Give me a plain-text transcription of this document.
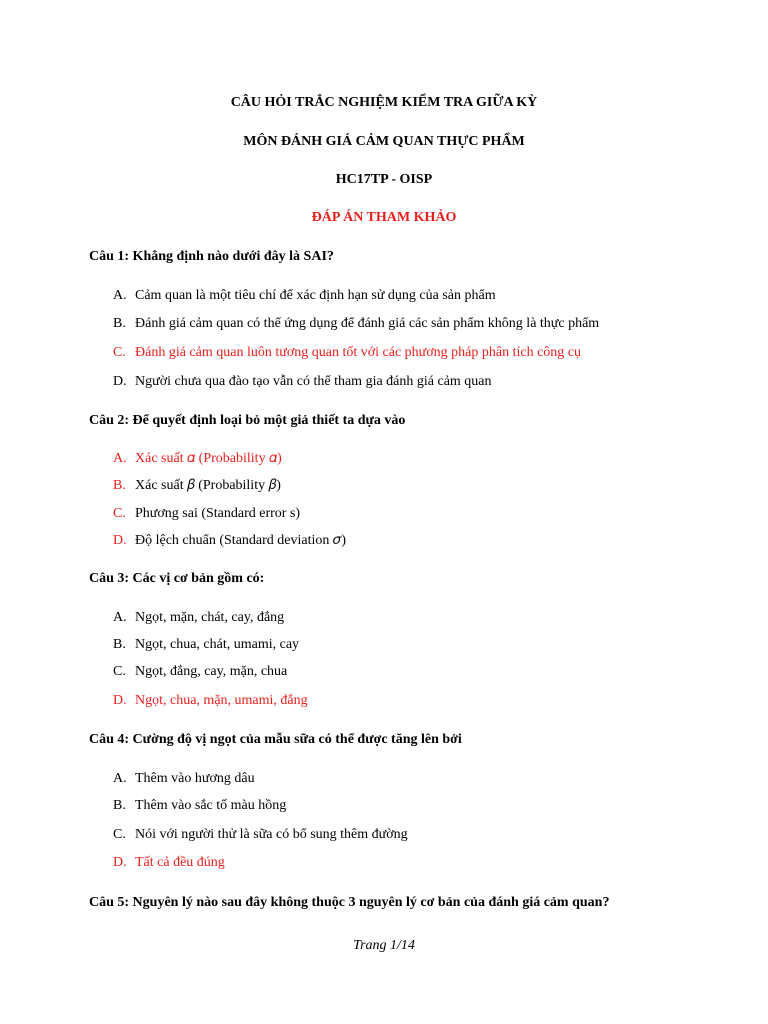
CÂU HỎI TRẮC NGHIỆM KIỂM TRA GIỮA KỲ
MÔN ĐÁNH GIÁ CẢM QUAN THỰC PHẨM
HC17TP - OISP
ĐÁP ÁN THAM KHẢO
Câu 1: Khẳng định nào dưới đây là SAI?
A. Cảm quan là một tiêu chí để xác định hạn sử dụng của sản phẩm
B. Đánh giá cảm quan có thể ứng dụng để đánh giá các sản phẩm không là thực phẩm
C. Đánh giá cảm quan luôn tương quan tốt với các phương pháp phân tích công cụ
D. Người chưa qua đào tạo vẫn có thể tham gia đánh giá cảm quan
Câu 2: Để quyết định loại bỏ một giả thiết ta dựa vào
A. Xác suất 𝛼 (Probability 𝛼)
B. Xác suất 𝛽 (Probability 𝛽)
C. Phương sai (Standard error s)
D. Độ lệch chuẩn (Standard deviation 𝜎)
Câu 3: Các vị cơ bản gồm có:
A. Ngọt, mặn, chát, cay, đắng
B. Ngọt, chua, chát, umami, cay
C. Ngọt, đắng, cay, mặn, chua
D. Ngọt, chua, mặn, umami, đắng
Câu 4: Cường độ vị ngọt của mẫu sữa có thể được tăng lên bởi
A. Thêm vào hương dâu
B. Thêm vào sắc tố màu hồng
C. Nói với người thử là sữa có bổ sung thêm đường
D. Tất cả đều đúng
Câu 5: Nguyên lý nào sau đây không thuộc 3 nguyên lý cơ bản của đánh giá cảm quan?
Trang 1/14
